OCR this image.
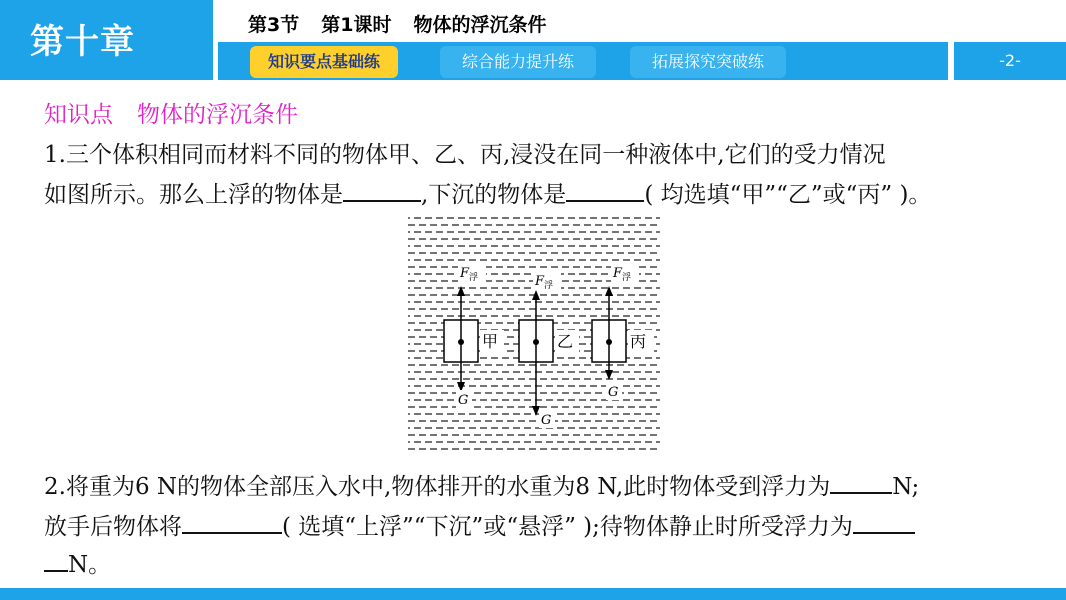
第十章	第3节 第1课时 物体的浮沉条件
知识要点基础练	综合能力提升练	拓展探究突破练	-2-
知识点 物体的浮沉条件
1.三个体积相同而材料不同的物体甲、乙、丙,浸没在同一种液体中,它们的受力情况
如图所示。那么上浮的物体是	,下沉的物体是	( 均选填“甲”“乙”或“丙” )。
$F_浮$	$F_浮$
$F_浮$
G
G
G
甲	乙	丙
2.将重为6 N的物体全部压入水中,物体排开的水重为8 N,此时物体受到浮力为	N;
放手后物体将	( 选填“上浮”“下沉”或“悬浮” );待物体静止时所受浮力为
N。
